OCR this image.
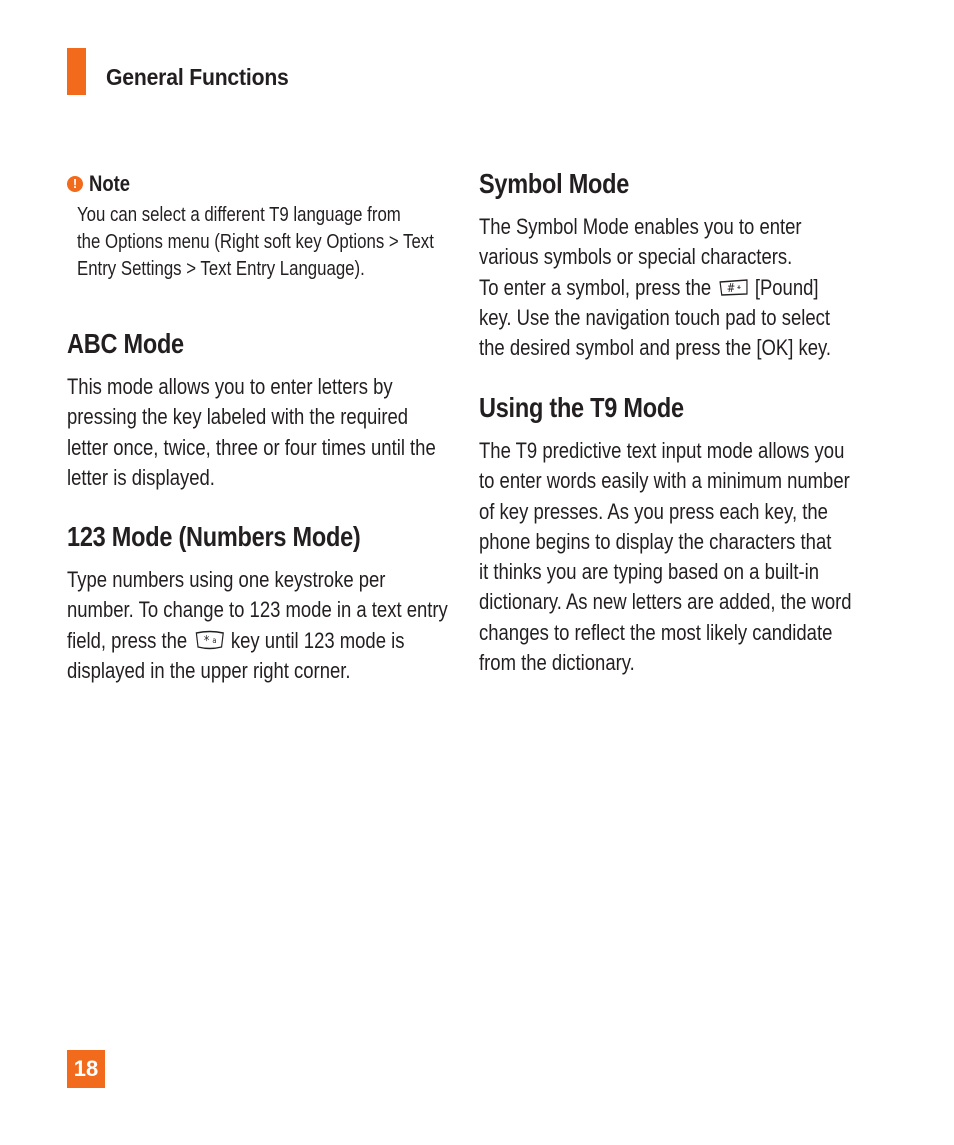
General Functions
! Note
You can select a different T9 language from
the Options menu (Right soft key Options > Text
Entry Settings > Text Entry Language).
ABC Mode
This mode allows you to enter letters by
pressing the key labeled with the required
letter once, twice, three or four times until the
letter is displayed.
123 Mode (Numbers Mode)
Type numbers using one keystroke per
number. To change to 123 mode in a text entry
field, press the * a key until 123 mode is
displayed in the upper right corner.
Symbol Mode
The Symbol Mode enables you to enter
various symbols or special characters.
To enter a symbol, press the # ⚹ [Pound]
key. Use the navigation touch pad to select
the desired symbol and press the [OK] key.
Using the T9 Mode
The T9 predictive text input mode allows you
to enter words easily with a minimum number
of key presses. As you press each key, the
phone begins to display the characters that
it thinks you are typing based on a built-in
dictionary. As new letters are added, the word
changes to reflect the most likely candidate
from the dictionary.
18
